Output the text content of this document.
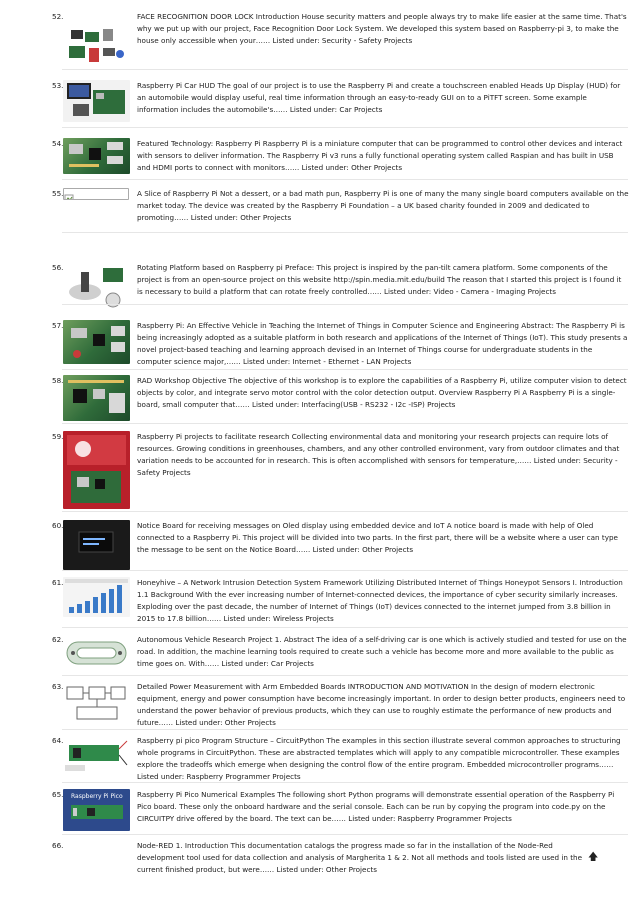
52.	FACE RECOGNITION DOOR LOCK Introduction House security matters and people always try to make life easier at the same time. That's why we put up with our project, Face Recognition Door Lock System. We developed this system based on Raspberry-pi 3, to make the house only accessible when your…… Listed under: Security - Safety Projects

53.	Raspberry Pi Car HUD The goal of our project is to use the Raspberry Pi and create a touchscreen enabled Heads Up Display (HUD) for an automobile would display useful, real time information through an easy-to-ready GUI on to a PiTFT screen. Some example information includes the automobile's…… Listed under: Car Projects

54.	Featured Technology: Raspberry Pi Raspberry Pi is a miniature computer that can be programmed to control other devices and interact with sensors to deliver information. The Raspberry Pi v3 runs a fully functional operating system called Raspian and has built in USB and HDMI ports to connect with monitors…… Listed under: Other Projects

55.	A Slice of Raspberry Pi Not a dessert, or a bad math pun, Raspberry Pi is one of many the many single board computers available on the market today. The device was created by the Raspberry Pi Foundation – a UK based charity founded in 2009 and dedicated to promoting…… Listed under: Other Projects

56.	Rotating Platform based on Raspberry pi Preface: This project is inspired by the pan-tilt camera platform. Some components of the project is from an open-source project on this website http://spin.media.mit.edu/build The reason that I started this project is I found it is necessary to build a platform that can rotate freely controlled…… Listed under: Video - Camera - Imaging Projects

57.	Raspberry Pi: An Effective Vehicle in Teaching the Internet of Things in Computer Science and Engineering Abstract: The Raspberry Pi is being increasingly adopted as a suitable platform in both research and applications of the Internet of Things (IoT). This study presents a novel project-based teaching and learning approach devised in an Internet of Things course for undergraduate students in the computer science major,…… Listed under: Internet - Ethernet - LAN Projects

58.	RAD Workshop Objective The objective of this workshop is to explore the capabilities of a Raspberry Pi, utilize computer vision to detect objects by color, and integrate servo motor control with the color detection output. Overview Raspberry Pi A Raspberry Pi is a single-board, small computer that…… Listed under: Interfacing(USB - RS232 - I2c -ISP) Projects

59.	Raspberry Pi projects to facilitate research Collecting environmental data and monitoring your research projects can require lots of resources. Growing conditions in greenhouses, chambers, and any other controlled environment, vary from outdoor climates and that variation needs to be accounted for in research. This is often accomplished with sensors for temperature,…… Listed under: Security - Safety Projects

60.	Notice Board for receiving messages on Oled display using embedded device and IoT A notice board is made with help of Oled connected to a Raspberry Pi. This project will be divided into two parts. In the first part, there will be a website where a user can type the message to be sent on the Notice Board…… Listed under: Other Projects

61.	Honeyhive – A Network Intrusion Detection System Framework Utilizing Distributed Internet of Things Honeypot Sensors I. Introduction 1.1 Background With the ever increasing number of Internet-connected devices, the importance of cyber security similarly increases. Exploding over the past decade, the number of Internet of Things (IoT) devices connected to the internet jumped from 3.8 billion in 2015 to 17.8 billion…… Listed under: Wireless Projects

62.	Autonomous Vehicle Research Project 1. Abstract The idea of a self-driving car is one which is actively studied and tested for use on the road. In addition, the machine learning tools required to create such a vehicle has become more and more available to the public as time goes on. With…… Listed under: Car Projects

63.	Detailed Power Measurement with Arm Embedded Boards INTRODUCTION AND MOTIVATION In the design of modern electronic equipment, energy and power consumption have become increasingly important. In order to design better products, engineers need to understand the power behavior of previous products, which they can use to roughly estimate the performance of new products and future…… Listed under: Other Projects

64.	Raspberry pi pico Program Structure – CircuitPython The examples in this section illustrate several common approaches to structuring whole programs in CircuitPython. These are abstracted templates which will apply to any compatible microcontroller. These examples explore the tradeoffs which emerge when designing the control flow of the entire program. Embedded microcontroller programs…… Listed under: Raspberry Programmer Projects

65. Raspberry Pi Pico Raspberry Pi Pico Numerical Examples The following short Python programs will demonstrate essential operation of the Raspberry Pi Pico board. These only the onboard hardware and the serial console. Each can be run by copying the program into code.py on the CIRCUITPY drive offered by the board. The text can be…… Listed under: Raspberry Programmer Projects

66.	Node-RED 1. Introduction This documentation catalogs the progress made so far in the installation of the Node-Red development tool used for data collection and analysis of Margherita 1 & 2. Not all methods and tools listed are used in the current finished product, but were…… Listed under: Other Projects

🡅
